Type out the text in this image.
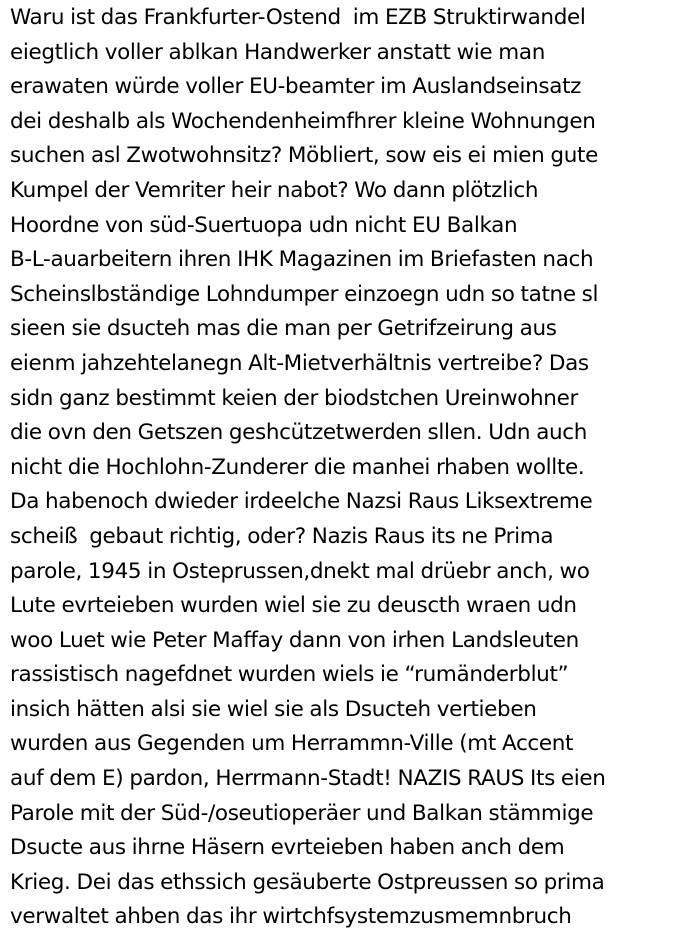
Waru ist das Frankfurter-Ostend  im EZB Struktirwandel
eiegtlich voller ablkan Handwerker anstatt wie man
erawaten würde voller EU-beamter im Auslandseinsatz
dei deshalb als Wochendenheimfhrer kleine Wohnungen
suchen asl Zwotwohnsitz? Möbliert, sow eis ei mien gute
Kumpel der Vemriter heir nabot? Wo dann plötzlich
Hoordne von süd-Suertuopa udn nicht EU Balkan
B-L-auarbeitern ihren IHK Magazinen im Briefasten nach
Scheinslbständige Lohndumper einzoegn udn so tatne sl
sieen sie dsucteh mas die man per Getrifzeirung aus
eienm jahzehtelanegn Alt-Mietverhältnis vertreibe? Das
sidn ganz bestimmt keien der biodstchen Ureinwohner
die ovn den Getszen geshcützetwerden sllen. Udn auch
nicht die Hochlohn-Zunderer die manhei rhaben wollte.
Da habenoch dwieder irdeelche Nazsi Raus Liksextreme
scheiß  gebaut richtig, oder? Nazis Raus its ne Prima
parole, 1945 in Osteprussen,dnekt mal drüebr anch, wo
Lute evrteieben wurden wiel sie zu deuscth wraen udn
woo Luet wie Peter Maffay dann von irhen Landsleuten
rassistisch nagefdnet wurden wiels ie “rumänderblut”
insich hätten alsi sie wiel sie als Dsucteh vertieben
wurden aus Gegenden um Herrammn-Ville (mt Accent
auf dem E) pardon, Herrmann-Stadt! NAZIS RAUS Its eien
Parole mit der Süd-/oseutioperäer und Balkan stämmige
Dsucte aus ihrne Häsern evrteieben haben anch dem
Krieg. Dei das ethssich gesäuberte Ostpreussen so prima
verwaltet ahben das ihr wirtchfsystemzusmemnbruch
